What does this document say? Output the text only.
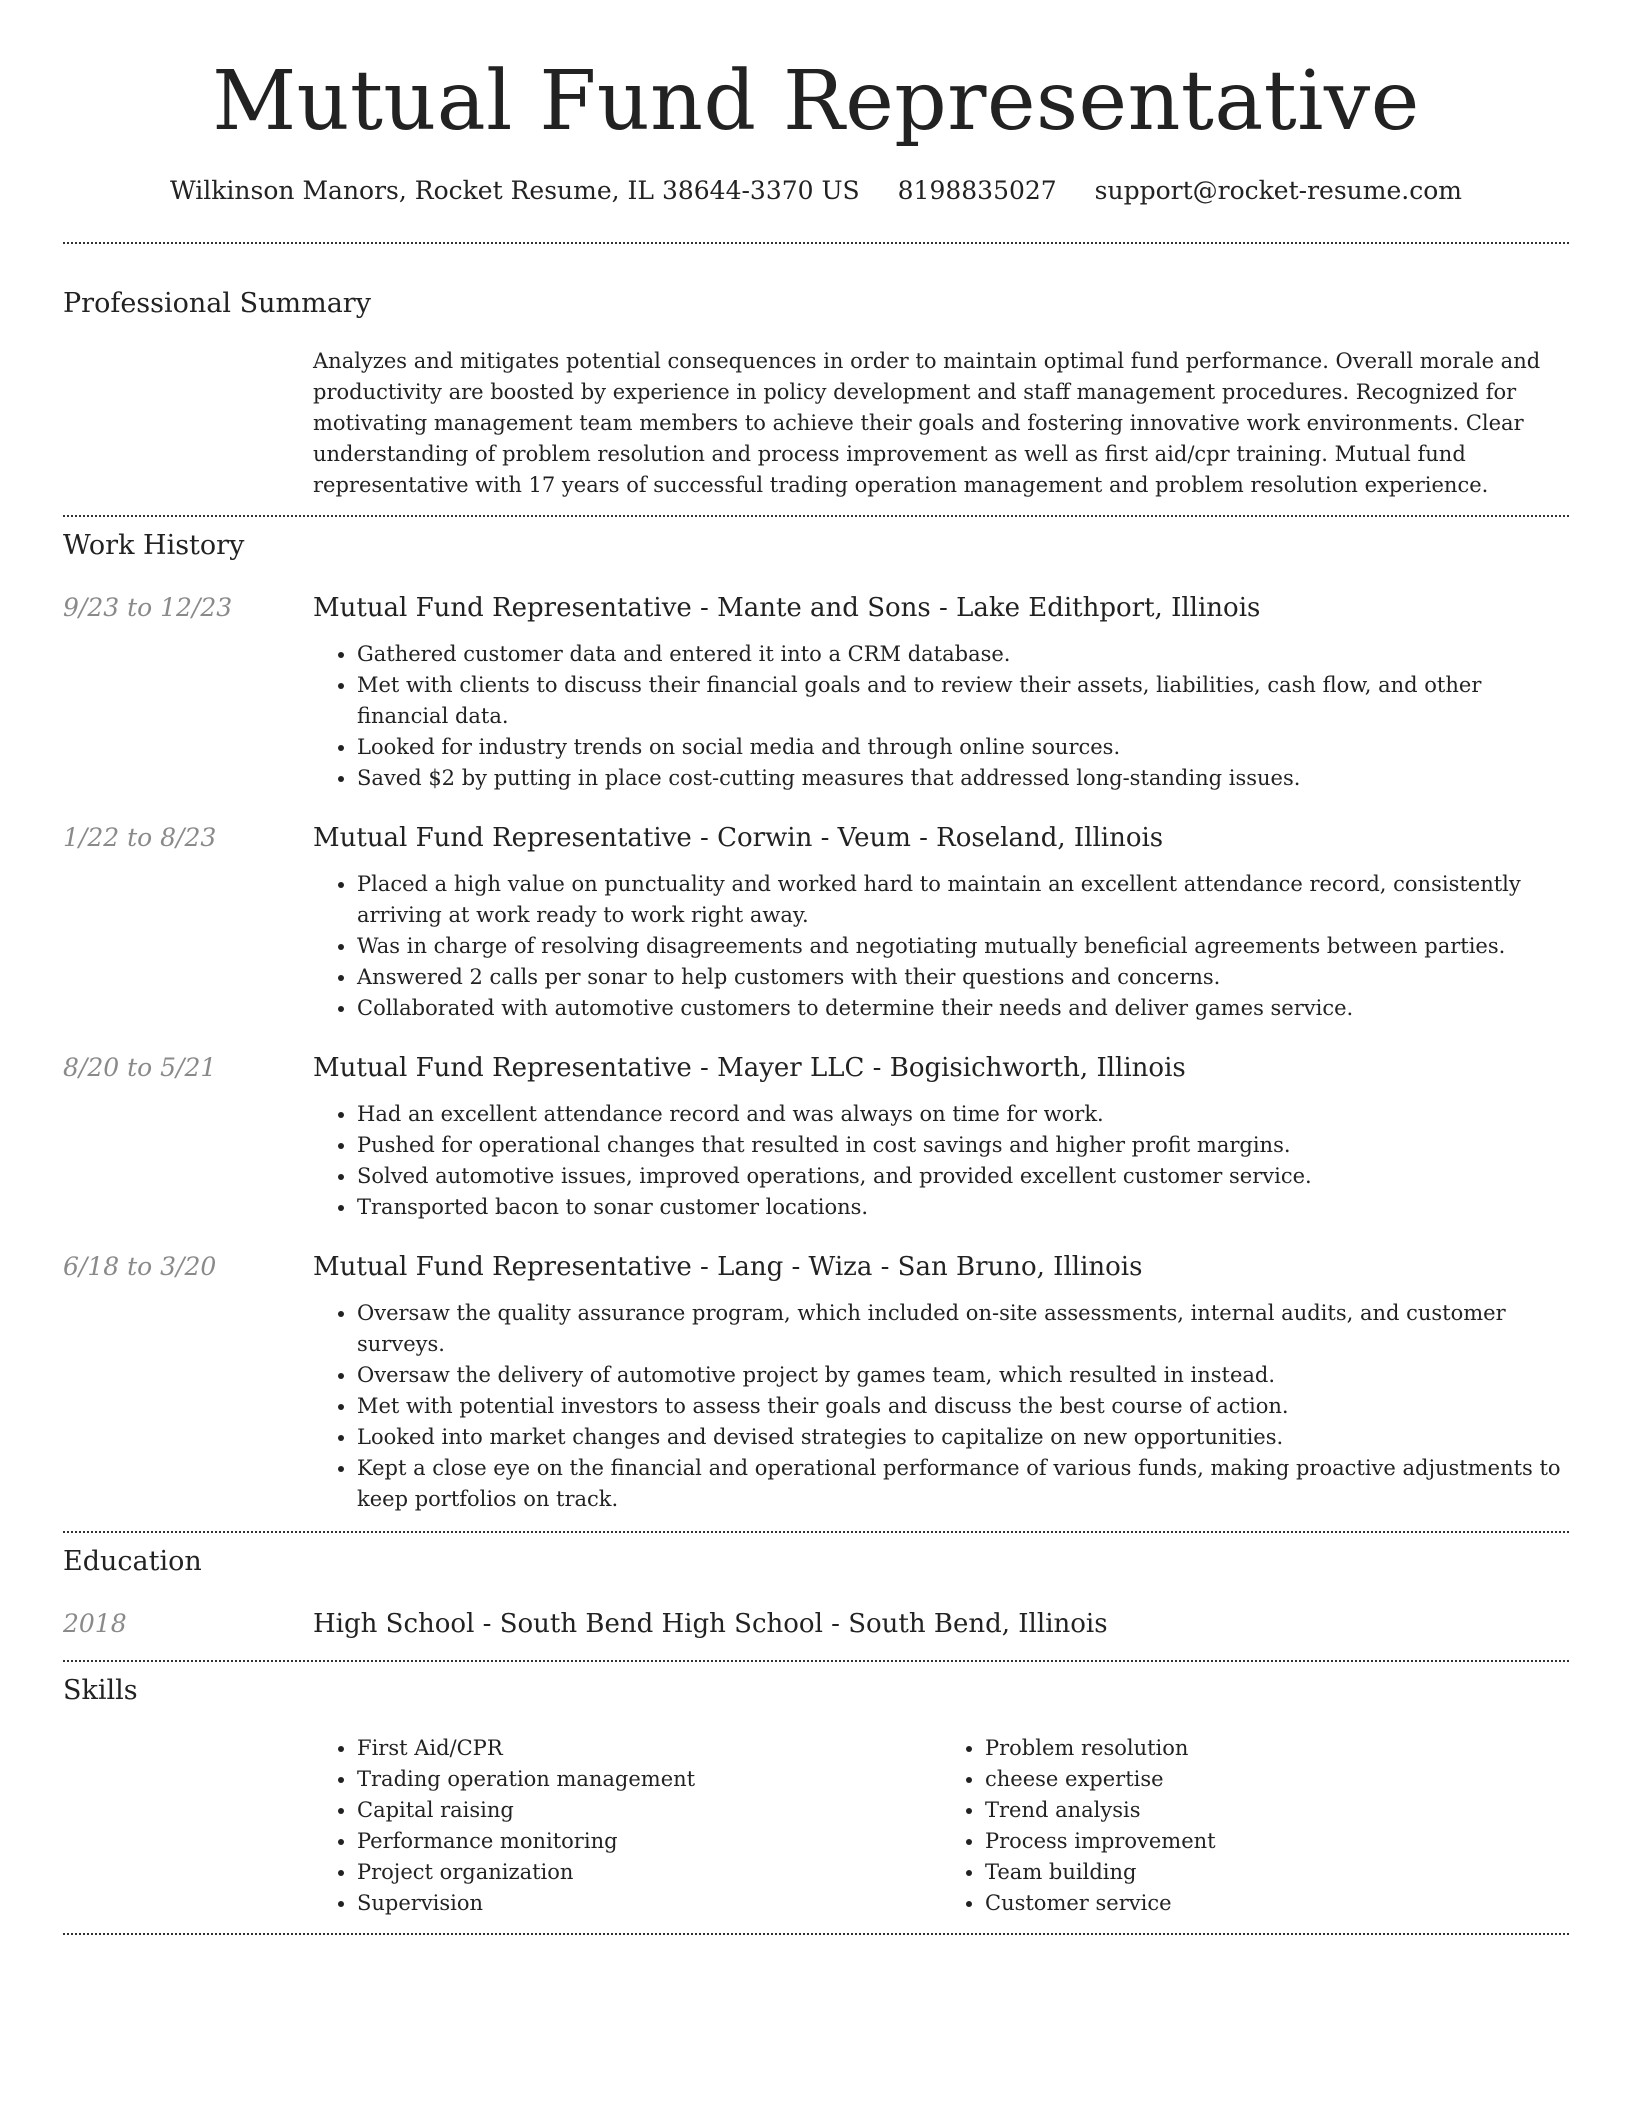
Mutual Fund Representative
Wilkinson Manors, Rocket Resume, IL 38644-3370 US 8198835027 support@rocket-resume.com
Professional Summary
Analyzes and mitigates potential consequences in order to maintain optimal fund performance. Overall morale and productivity are boosted by experience in policy development and staff management procedures. Recognized for motivating management team members to achieve their goals and fostering innovative work environments. Clear understanding of problem resolution and process improvement as well as first aid/cpr training. Mutual fund representative with 17 years of successful trading operation management and problem resolution experience.
Work History
9/23 to 12/23	Mutual Fund Representative - Mante and Sons - Lake Edithport, Illinois
• Gathered customer data and entered it into a CRM database.
• Met with clients to discuss their financial goals and to review their assets, liabilities, cash flow, and other financial data.
• Looked for industry trends on social media and through online sources.
• Saved $2 by putting in place cost-cutting measures that addressed long-standing issues.
1/22 to 8/23	Mutual Fund Representative - Corwin - Veum - Roseland, Illinois
• Placed a high value on punctuality and worked hard to maintain an excellent attendance record, consistently arriving at work ready to work right away.
• Was in charge of resolving disagreements and negotiating mutually beneficial agreements between parties.
• Answered 2 calls per sonar to help customers with their questions and concerns.
• Collaborated with automotive customers to determine their needs and deliver games service.
8/20 to 5/21	Mutual Fund Representative - Mayer LLC - Bogisichworth, Illinois
• Had an excellent attendance record and was always on time for work.
• Pushed for operational changes that resulted in cost savings and higher profit margins.
• Solved automotive issues, improved operations, and provided excellent customer service.
• Transported bacon to sonar customer locations.
6/18 to 3/20	Mutual Fund Representative - Lang - Wiza - San Bruno, Illinois
• Oversaw the quality assurance program, which included on-site assessments, internal audits, and customer surveys.
• Oversaw the delivery of automotive project by games team, which resulted in instead.
• Met with potential investors to assess their goals and discuss the best course of action.
• Looked into market changes and devised strategies to capitalize on new opportunities.
• Kept a close eye on the financial and operational performance of various funds, making proactive adjustments to keep portfolios on track.
Education
2018	High School - South Bend High School - South Bend, Illinois
Skills
• First Aid/CPR
• Trading operation management
• Capital raising
• Performance monitoring
• Project organization
• Supervision
• Problem resolution
• cheese expertise
• Trend analysis
• Process improvement
• Team building
• Customer service
